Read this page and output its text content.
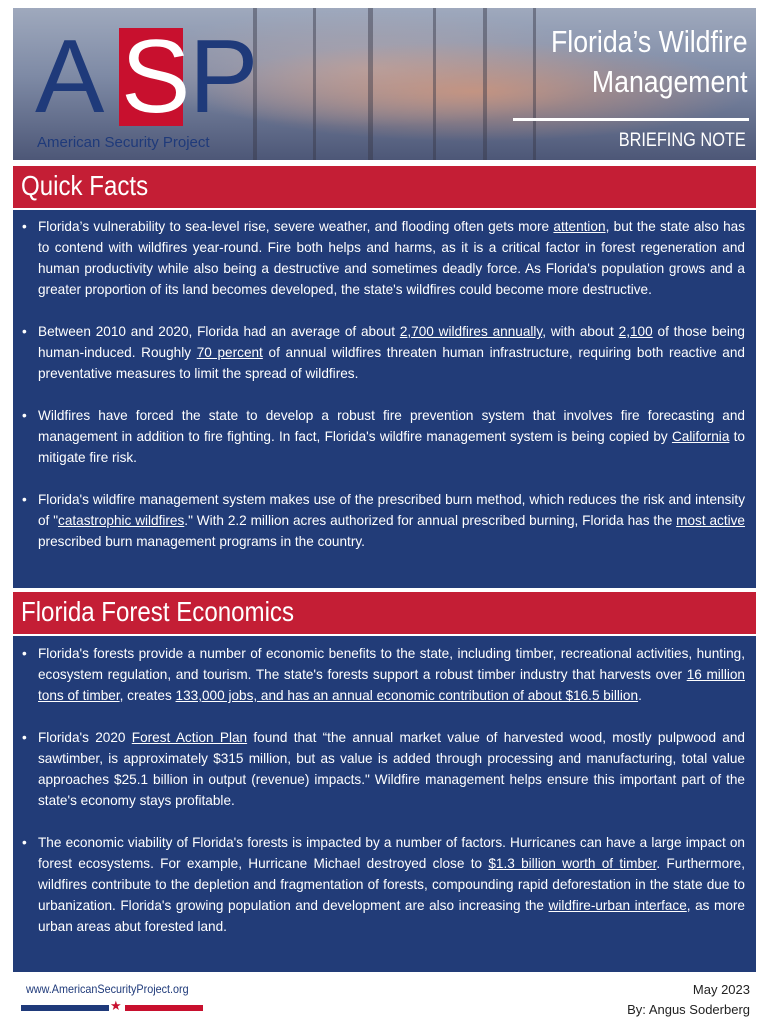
A S
P
American Security Project
Florida’s Wildfire
Management
BRIEFING NOTE
Quick Facts
• Florida’s vulnerability to sea-level rise, severe weather, and flooding often gets more attention, but the state also has to contend with wildfires year-round. Fire both helps and harms, as it is a critical factor in forest regeneration and human productivity while also being a destructive and sometimes deadly force. As Florida's population grows and a greater proportion of its land becomes developed, the state's wildfires could become more destructive.
• Between 2010 and 2020, Florida had an average of about 2,700 wildfires annually, with about 2,100 of those being human-induced. Roughly 70 percent of annual wildfires threaten human infrastructure, requiring both reactive and preventative measures to limit the spread of wildfires.
• Wildfires have forced the state to develop a robust fire prevention system that involves fire forecasting and management in addition to fire fighting. In fact, Florida's wildfire management system is being copied by California to mitigate fire risk.
• Florida's wildfire management system makes use of the prescribed burn method, which reduces the risk and intensity of "catastrophic wildfires." With 2.2 million acres authorized for annual prescribed burning, Florida has the most active prescribed burn management programs in the country.
Florida Forest Economics
• Florida's forests provide a number of economic benefits to the state, including timber, recreational activities, hunting, ecosystem regulation, and tourism. The state's forests support a robust timber industry that harvests over 16 million tons of timber, creates 133,000 jobs, and has an annual economic contribution of about $16.5 billion.
• Florida's 2020 Forest Action Plan found that “the annual market value of harvested wood, mostly pulpwood and sawtimber, is approximately $315 million, but as value is added through processing and manufacturing, total value approaches $25.1 billion in output (revenue) impacts." Wildfire management helps ensure this important part of the state's economy stays profitable.
• The economic viability of Florida's forests is impacted by a number of factors. Hurricanes can have a large impact on forest ecosystems. For example, Hurricane Michael destroyed close to $1.3 billion worth of timber. Furthermore, wildfires contribute to the depletion and fragmentation of forests, compounding rapid deforestation in the state due to urbanization. Florida's growing population and development are also increasing the wildfire-urban interface, as more urban areas abut forested land.
www.AmericanSecurityProject.org
★
May 2023
By: Angus Soderberg
